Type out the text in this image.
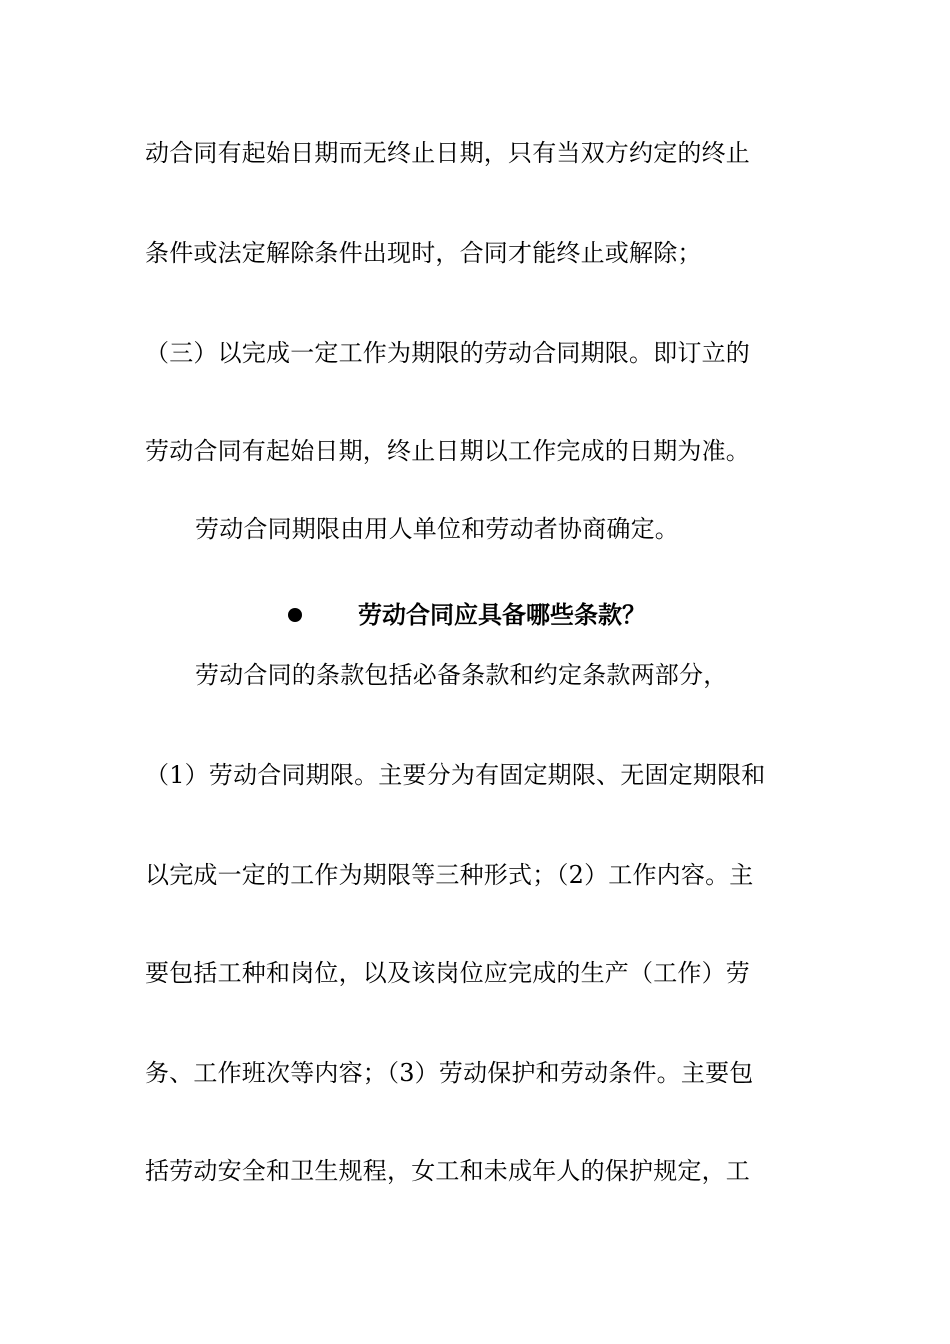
动合同有起始日期而无终止日期，只有当双方约定的终止
条件或法定解除条件出现时，合同才能终止或解除；
（三）以完成一定工作为期限的劳动合同期限。即订立的
劳动合同有起始日期，终止日期以工作完成的日期为准。
劳动合同期限由用人单位和劳动者协商确定。
劳动合同应具备哪些条款？
劳动合同的条款包括必备条款和约定条款两部分，
（1）劳动合同期限。主要分为有固定期限、无固定期限和
以完成一定的工作为期限等三种形式；（2）工作内容。主
要包括工种和岗位，以及该岗位应完成的生产（工作）劳
务、工作班次等内容；（3）劳动保护和劳动条件。主要包
括劳动安全和卫生规程，女工和未成年人的保护规定，工
